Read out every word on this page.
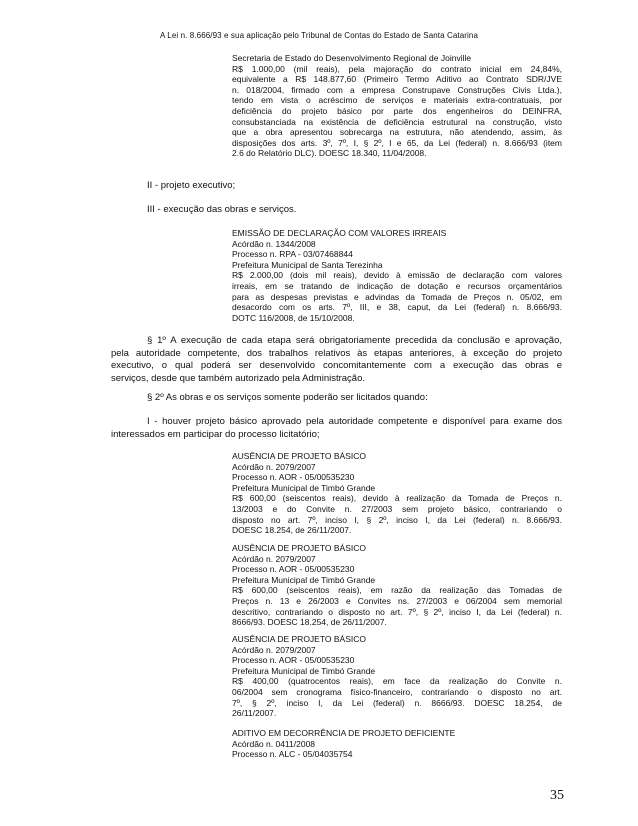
A Lei n. 8.666/93 e sua aplicação pelo Tribunal de Contas do Estado de Santa Catarina

Secretaria de Estado do Desenvolvimento Regional de Joinville

R$ 1.000,00 (mil reais), pela majoração do contrato inicial em 24,84%,

equivalente a R$ 148.877,60 (Primeiro Termo Aditivo ao Contrato SDR/JVE

n. 018/2004, firmado com a empresa Construpave Construções Civis Ltda.),

tendo em vista o acréscimo de serviços e materiais extra-contratuais, por

deficiência do projeto básico por parte dos engenheiros do DEINFRA,

consubstanciada na existência de deficiência estrutural na construção, visto

que a obra apresentou sobrecarga na estrutura, não atendendo, assim, às

disposições dos arts. 3º, 7º, I, § 2º, I e 65, da Lei (federal) n. 8.666/93 (item

2.6 do Relatório DLC). DOESC 18.340, 11/04/2008.

II - projeto executivo;
III - execução das obras e serviços.

EMISSÃO DE DECLARAÇÃO COM VALORES IRREAIS

Acórdão n. 1344/2008

Processo n. RPA - 03/07468844

Prefeitura Municipal de Santa Terezinha

R$ 2.000,00 (dois mil reais), devido à emissão de declaração com valores

irreais, em se tratando de indicação de dotação e recursos orçamentários

para as despesas previstas e advindas da Tomada de Preços n. 05/02, em

desacordo com os arts. 7º, III, e 38, caput, da Lei (federal) n. 8.666/93.

DOTC 116/2008, de 15/10/2008.

§ 1º A execução de cada etapa será obrigatoriamente precedida da conclusão e aprovação,

pela autoridade competente, dos trabalhos relativos às etapas anteriores, à exceção do projeto

executivo, o qual poderá ser desenvolvido concomitantemente com a execução das obras e

serviços, desde que também autorizado pela Administração.

§ 2º As obras e os serviços somente poderão ser licitados quando:

I - houver projeto básico aprovado pela autoridade competente e disponível para exame dos

interessados em participar do processo licitatório;

AUSÊNCIA DE PROJETO BÁSICO

Acórdão n. 2079/2007

Processo n. AOR - 05/00535230

Prefeitura Municipal de Timbó Grande

R$ 600,00 (seiscentos reais), devido à realização da Tomada de Preços n.

13/2003 e do Convite n. 27/2003 sem projeto básico, contrariando o

disposto no art. 7º, inciso I, § 2º, inciso I, da Lei (federal) n. 8.666/93.

DOESC 18.254, de 26/11/2007.

AUSÊNCIA DE PROJETO BÁSICO

Acórdão n. 2079/2007

Processo n. AOR - 05/00535230

Prefeitura Municipal de Timbó Grande

R$ 600,00 (seiscentos reais), em razão da realização das Tomadas de

Preços n. 13 e 26/2003 e Convites ns. 27/2003 e 06/2004 sem memorial

descritivo, contrariando o disposto no art. 7º, § 2º, inciso I, da Lei (federal) n.

8666/93. DOESC 18.254, de 26/11/2007.

AUSÊNCIA DE PROJETO BÁSICO

Acórdão n. 2079/2007

Processo n. AOR - 05/00535230

Prefeitura Municipal de Timbó Grande

R$ 400,00 (quatrocentos reais), em face da realização do Convite n.

06/2004 sem cronograma físico-financeiro, contrariando o disposto no art.

7º, § 2º, inciso I, da Lei (federal) n. 8666/93. DOESC 18.254, de

26/11/2007.

ADITIVO EM DECORRÊNCIA DE PROJETO DEFICIENTE

Acórdão n. 0411/2008

Processo n. ALC - 05/04035754

35
